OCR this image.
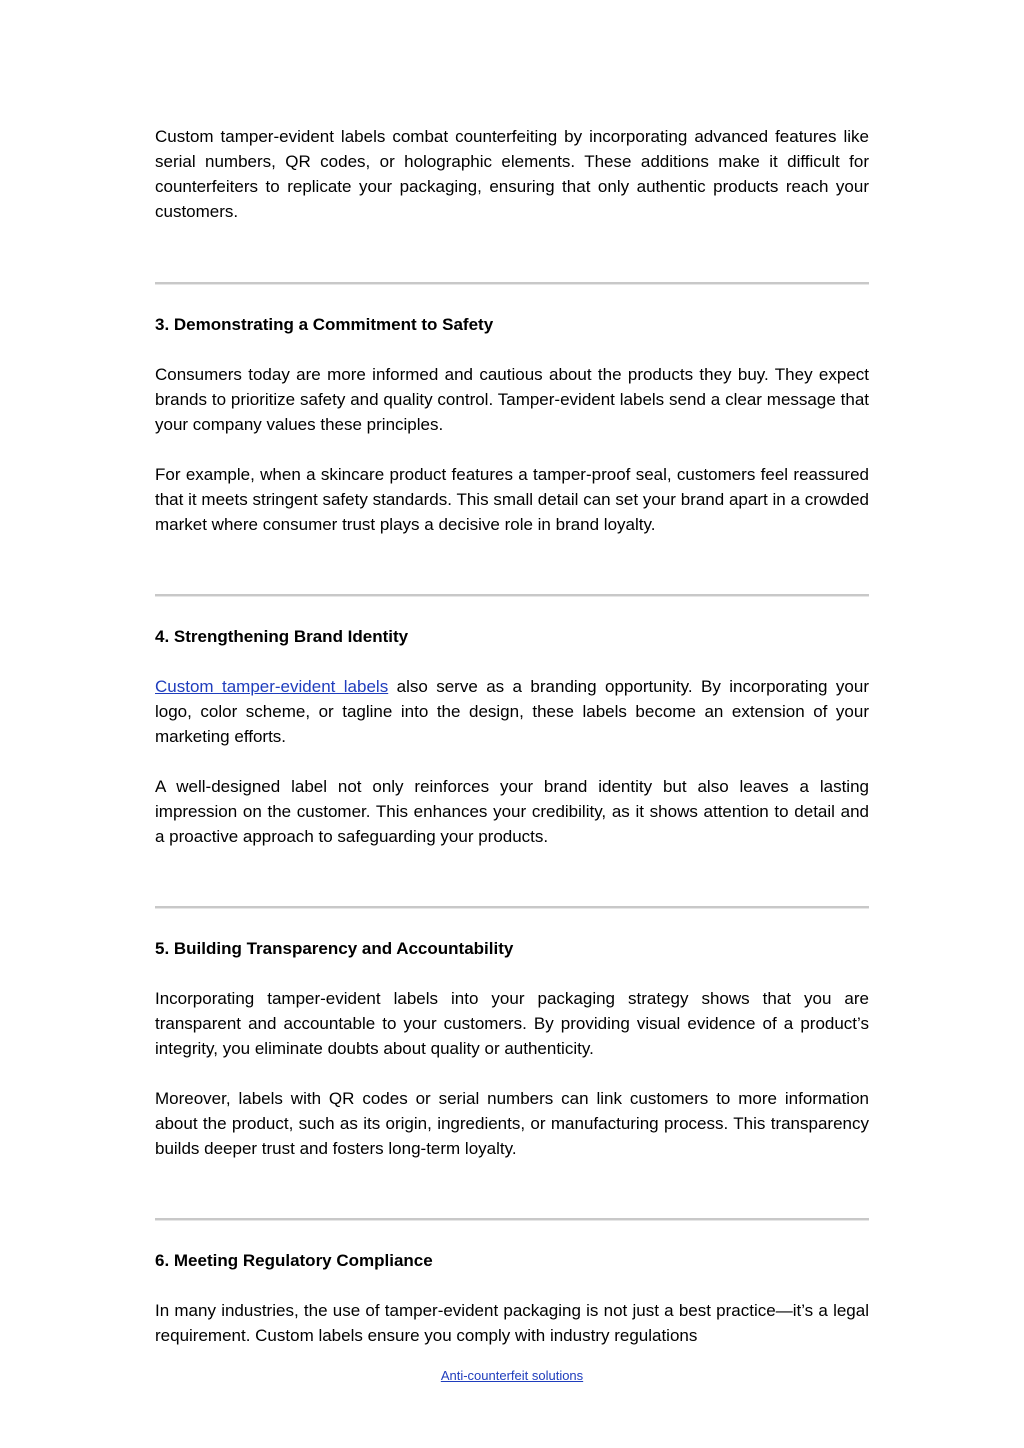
Custom tamper-evident labels combat counterfeiting by incorporating advanced features like serial numbers, QR codes, or holographic elements. These additions make it difficult for counterfeiters to replicate your packaging, ensuring that only authentic products reach your customers.

3. Demonstrating a Commitment to Safety

Consumers today are more informed and cautious about the products they buy. They expect brands to prioritize safety and quality control. Tamper-evident labels send a clear message that your company values these principles.

For example, when a skincare product features a tamper-proof seal, customers feel reassured that it meets stringent safety standards. This small detail can set your brand apart in a crowded market where consumer trust plays a decisive role in brand loyalty.

4. Strengthening Brand Identity

Custom tamper-evident labels also serve as a branding opportunity. By incorporating your logo, color scheme, or tagline into the design, these labels become an extension of your marketing efforts.

A well-designed label not only reinforces your brand identity but also leaves a lasting impression on the customer. This enhances your credibility, as it shows attention to detail and a proactive approach to safeguarding your products.

5. Building Transparency and Accountability

Incorporating tamper-evident labels into your packaging strategy shows that you are transparent and accountable to your customers. By providing visual evidence of a product’s integrity, you eliminate doubts about quality or authenticity.

Moreover, labels with QR codes or serial numbers can link customers to more information about the product, such as its origin, ingredients, or manufacturing process. This transparency builds deeper trust and fosters long-term loyalty.

6. Meeting Regulatory Compliance

In many industries, the use of tamper-evident packaging is not just a best practice—it’s a legal requirement. Custom labels ensure you comply with industry regulations

Anti-counterfeit solutions
